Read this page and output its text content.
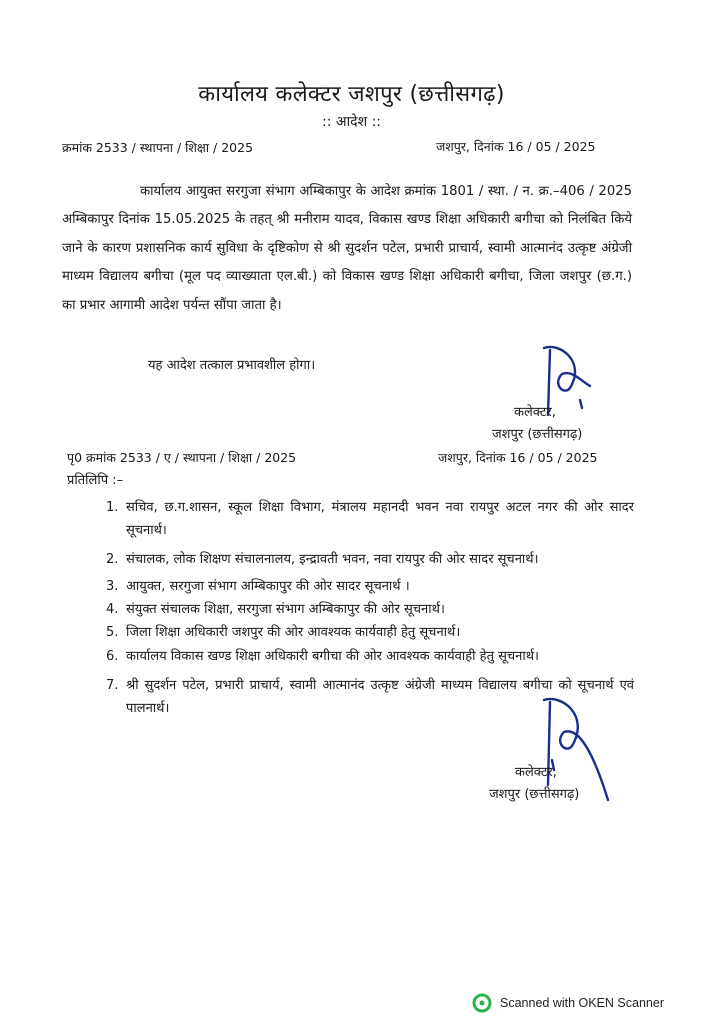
कार्यालय कलेक्टर जशपुर (छत्तीसगढ़)
:: आदेश ::
क्रमांक 2533 / स्थापना / शिक्षा / 2025	जशपुर, दिनांक 16 / 05 / 2025
कार्यालय आयुक्त सरगुजा संभाग अम्बिकापुर के आदेश क्रमांक 1801 / स्था. / न. क्र.–406 / 2025 अम्बिकापुर दिनांक 15.05.2025 के तहत् श्री मनीराम यादव, विकास खण्ड शिक्षा अधिकारी बगीचा को निलंबित किये जाने के कारण प्रशासनिक कार्य सुविधा के दृष्टिकोण से श्री सुदर्शन पटेल, प्रभारी प्राचार्य, स्वामी आत्मानंद उत्कृष्ट अंग्रेजी माध्यम विद्यालय बगीचा (मूल पद व्याख्याता एल.बी.) को विकास खण्ड शिक्षा अधिकारी बगीचा, जिला जशपुर (छ.ग.) का प्रभार आगामी आदेश पर्यन्त सौंपा जाता है।
यह आदेश तत्काल प्रभावशील होगा।
कलेक्टर,
जशपुर (छत्तीसगढ़)
पृ0 क्रमांक 2533 / ए / स्थापना / शिक्षा / 2025	जशपुर, दिनांक 16 / 05 / 2025
प्रतिलिपि :–
1. सचिव, छ.ग.शासन, स्कूल शिक्षा विभाग, मंत्रालय महानदी भवन नवा रायपुर अटल नगर की ओर सादर सूचनार्थ।
2. संचालक, लोक शिक्षण संचालनालय, इन्द्रावती भवन, नवा रायपुर की ओर सादर सूचनार्थ।
3. आयुक्त, सरगुजा संभाग अम्बिकापुर की ओर सादर सूचनार्थ ।
4. संयुक्त संचालक शिक्षा, सरगुजा संभाग अम्बिकापुर की ओर सूचनार्थ।
5. जिला शिक्षा अधिकारी जशपुर की ओर आवश्यक कार्यवाही हेतु सूचनार्थ।
6. कार्यालय विकास खण्ड शिक्षा अधिकारी बगीचा की ओर आवश्यक कार्यवाही हेतु सूचनार्थ।
7. श्री सुदर्शन पटेल, प्रभारी प्राचार्य, स्वामी आत्मानंद उत्कृष्ट अंग्रेजी माध्यम विद्यालय बगीचा को सूचनार्थ एवं पालनार्थ।
कलेक्टर,
जशपुर (छत्तीसगढ़)
Scanned with OKEN Scanner
